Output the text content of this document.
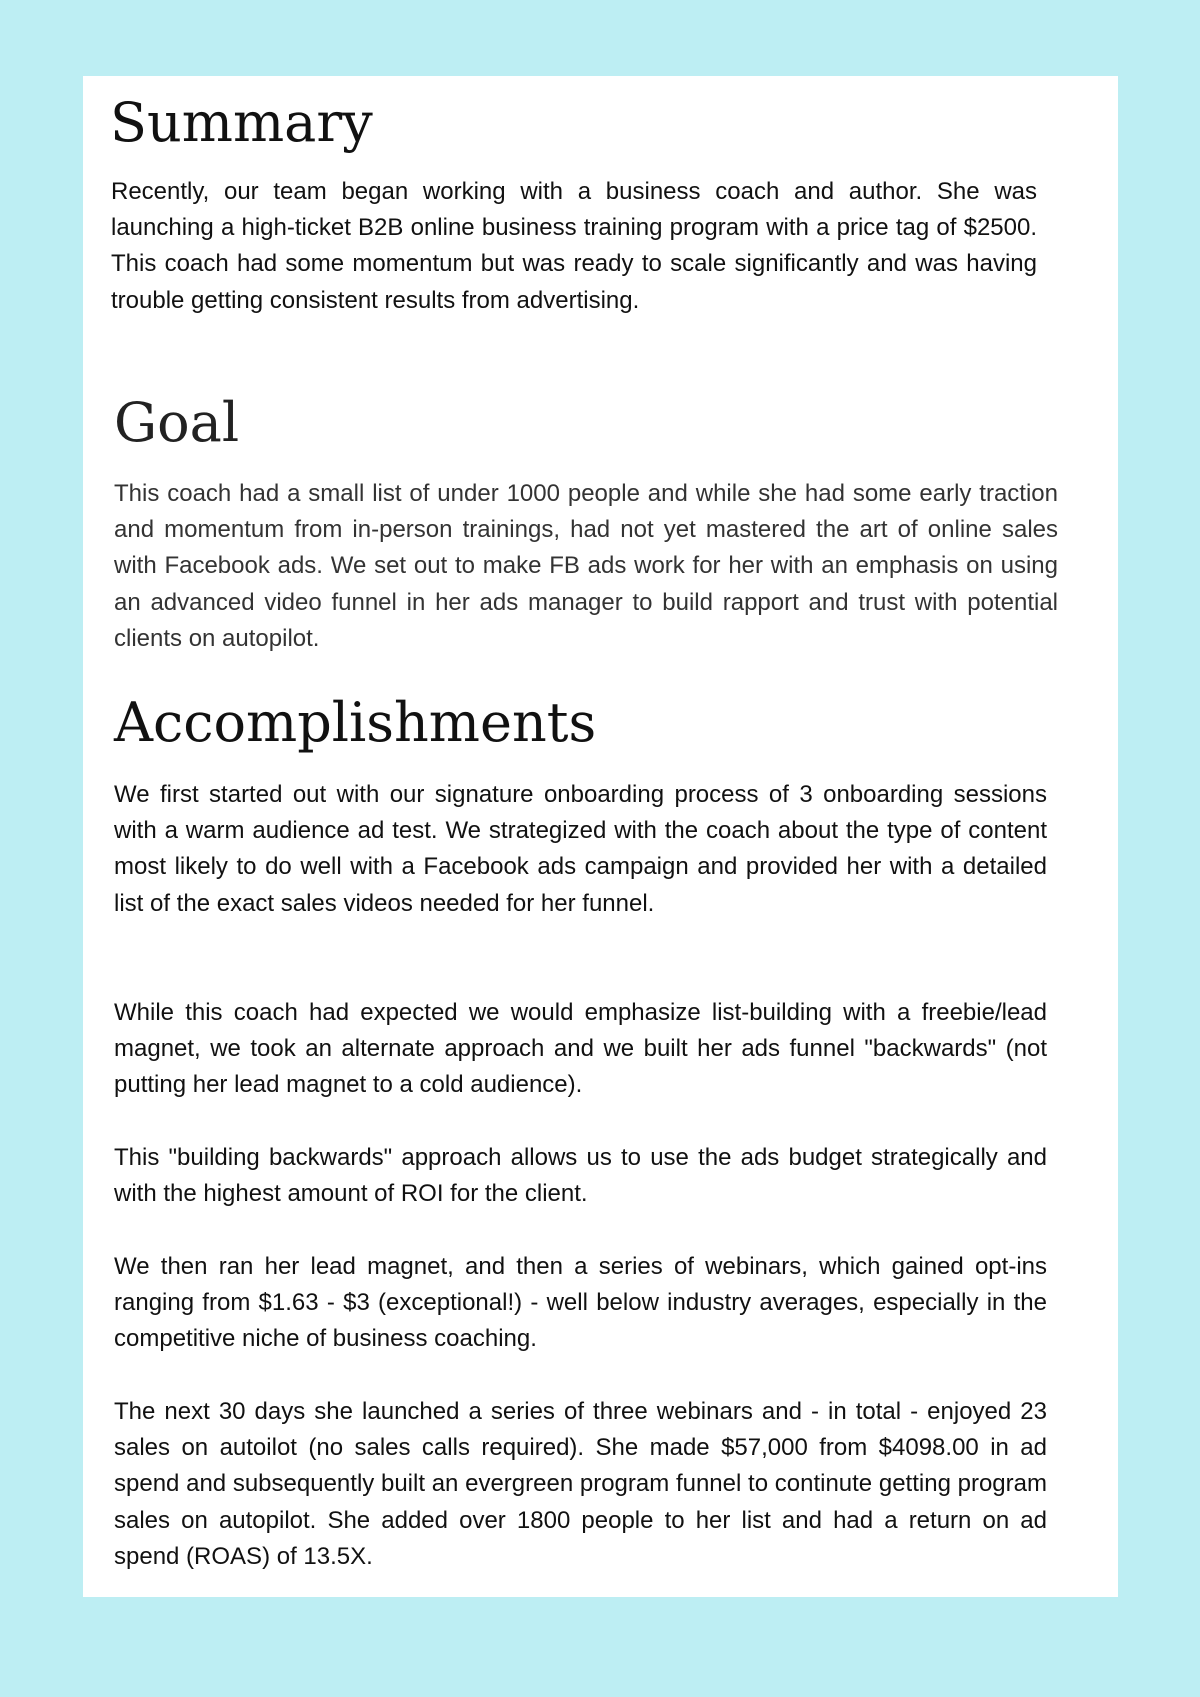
Summary

Recently, our team began working with a business coach and author. She was launching a high-ticket B2B online business training program with a price tag of $2500. This coach had some momentum but was ready to scale significantly and was having trouble getting consistent results from advertising.

Goal

This coach had a small list of under 1000 people and while she had some early traction and momentum from in-person trainings, had not yet mastered the art of online sales with Facebook ads. We set out to make FB ads work for her with an emphasis on using an advanced video funnel in her ads manager to build rapport and trust with potential clients on autopilot.

Accomplishments

We first started out with our signature onboarding process of 3 onboarding sessions with a warm audience ad test. We strategized with the coach about the type of content most likely to do well with a Facebook ads campaign and provided her with a detailed list of the exact sales videos needed for her funnel.

While this coach had expected we would emphasize list-building with a freebie/lead magnet, we took an alternate approach and we built her ads funnel "backwards" (not putting her lead magnet to a cold audience).

This "building backwards" approach allows us to use the ads budget strategically and with the highest amount of ROI for the client.

We then ran her lead magnet, and then a series of webinars, which gained opt-ins ranging from $1.63 - $3 (exceptional!) - well below industry averages, especially in the competitive niche of business coaching.

The next 30 days she launched a series of three webinars and - in total - enjoyed 23 sales on autoilot (no sales calls required). She made $57,000 from $4098.00 in ad spend and subsequently built an evergreen program funnel to continute getting program sales on autopilot. She added over 1800 people to her list and had a return on ad spend (ROAS) of 13.5X.
